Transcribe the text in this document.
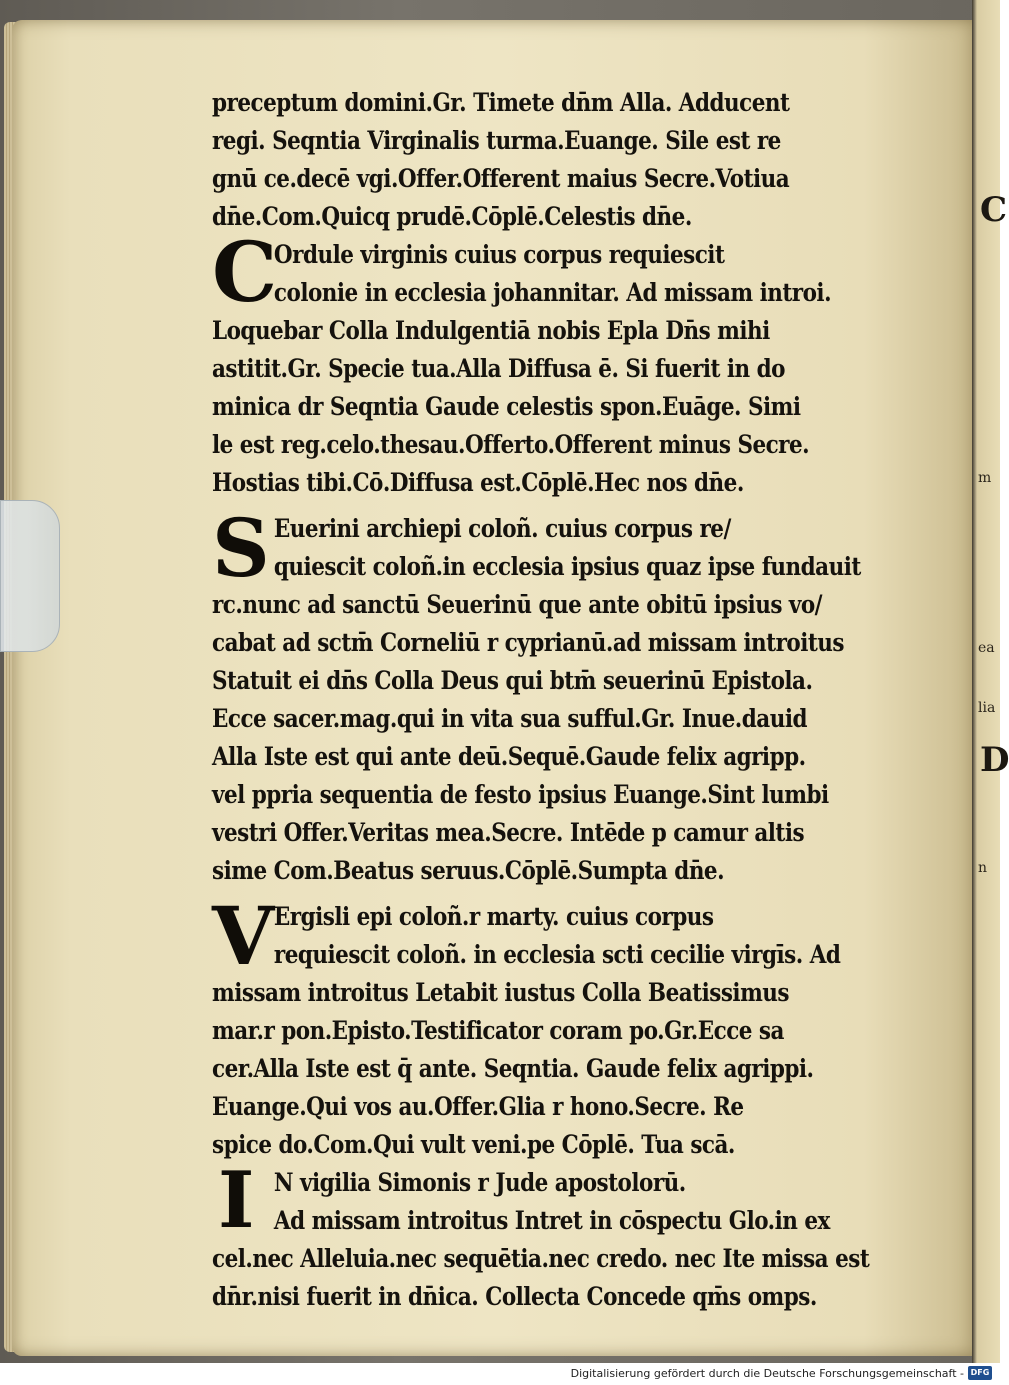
C
D
m
n
ea
lia
preceptum domini.Gr. Timete dn̄m Alla. Adducent
regi. Seqntia Virginalis turma.Euange. Sile est re
gnū ce.decē vgi.Offer.Offerent maius Secre.Votiua
dn̄e.Com.Quicq prudē.Cōplē.Celestis dn̄e.
C
Ordule virginis cuius corpus requiescit
colonie in ecclesia johannitar. Ad missam introi.
Loquebar Colla Indulgentiā nobis Epla Dn̄s mihi
astitit.Gr. Specie tua.Alla Diffusa ē. Si fuerit in do
minica dr Seqntia Gaude celestis spon.Euāge. Simi
le est reg.celo.thesau.Offerto.Offerent minus Secre.
Hostias tibi.Cō.Diffusa est.Cōplē.Hec nos dn̄e.
S Euerini archiepi coloñ. cuius corpus re/
quiescit coloñ.in ecclesia ipsius quaz ipse fundauit
rc.nunc ad sanctū Seuerinū que ante obitū ipsius vo/
cabat ad sctm̄ Corneliū r cyprianū.ad missam introitus
Statuit ei dn̄s Colla Deus qui btm̄ seuerinū Epistola.
Ecce sacer.mag.qui in vita sua sufful.Gr. Inue.dauid
Alla Iste est qui ante deū.Sequē.Gaude felix agripp.
vel ppria sequentia de festo ipsius Euange.Sint lumbi
vestri Offer.Veritas mea.Secre. Intēde p camur altis
sime Com.Beatus seruus.Cōplē.Sumpta dn̄e.
V Ergisli epi coloñ.r marty. cuius corpus
requiescit coloñ. in ecclesia scti cecilie virgīs. Ad
missam introitus Letabit iustus Colla Beatissimus
mar.r pon.Episto.Testificator coram po.Gr.Ecce sa
cer.Alla Iste est q̄ ante. Seqntia. Gaude felix agrippi.
Euange.Qui vos au.Offer.Glia r hono.Secre. Re
spice do.Com.Qui vult veni.pe Cōplē. Tua scā.
I N vigilia Simonis r Jude apostolorū.
Ad missam introitus Intret in cōspectu Glo.in ex
cel.nec Alleluia.nec sequētia.nec credo. nec Ite missa est
dn̄r.nisi fuerit in dn̄ica. Collecta Concede qm̄s omps.
Digitalisierung gefördert durch die Deutsche Forschungsgemeinschaft - DFG
